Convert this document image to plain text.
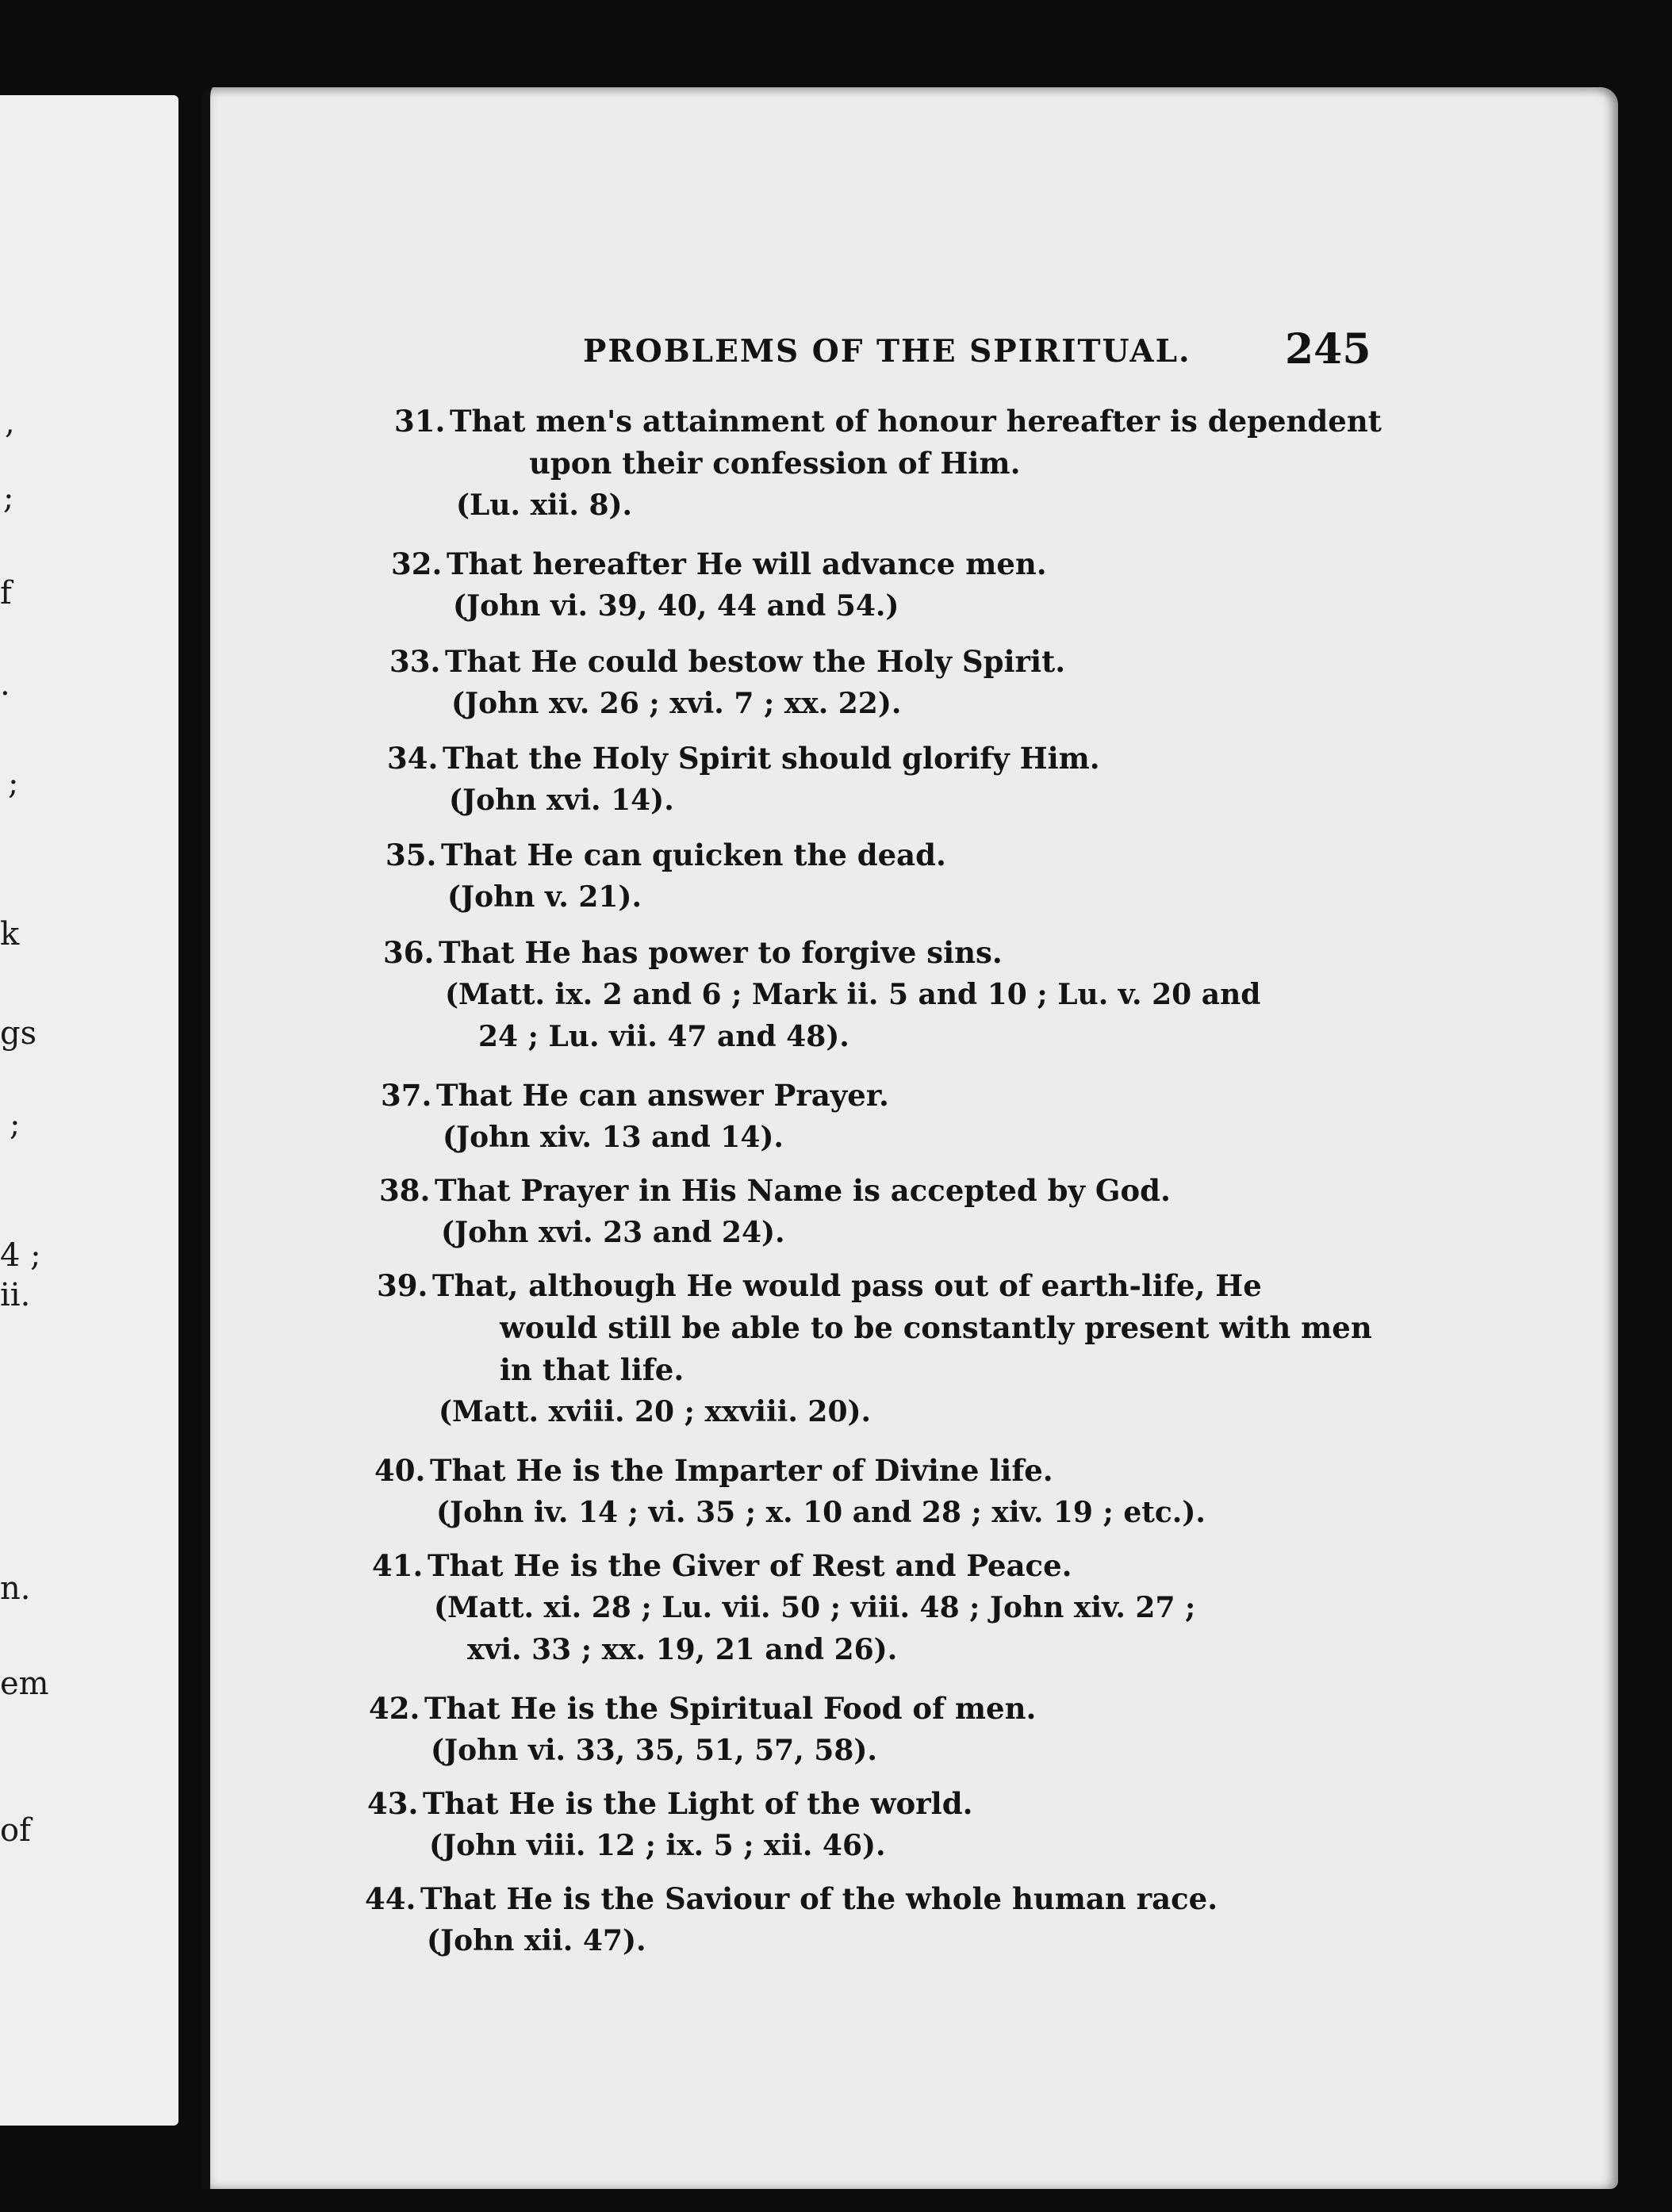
,
;
f
.
;
k
gs
;
4 ;
ii.
n.
em
of
PROBLEMS OF THE SPIRITUAL. 245
31. That men's attainment of honour hereafter is dependent
upon their confession of Him.
(Lu. xii. 8).
32. That hereafter He will advance men.
(John vi. 39, 40, 44 and 54.)
33. That He could bestow the Holy Spirit.
(John xv. 26 ; xvi. 7 ; xx. 22).
34. That the Holy Spirit should glorify Him.
(John xvi. 14).
35. That He can quicken the dead.
(John v. 21).
36. That He has power to forgive sins.
(Matt. ix. 2 and 6 ; Mark ii. 5 and 10 ; Lu. v. 20 and
24 ; Lu. vii. 47 and 48).
37. That He can answer Prayer.
(John xiv. 13 and 14).
38. That Prayer in His Name is accepted by God.
(John xvi. 23 and 24).
39. That, although He would pass out of earth-life, He
would still be able to be constantly present with men
in that life.
(Matt. xviii. 20 ; xxviii. 20).
40. That He is the Imparter of Divine life.
(John iv. 14 ; vi. 35 ; x. 10 and 28 ; xiv. 19 ; etc.).
41. That He is the Giver of Rest and Peace.
(Matt. xi. 28 ; Lu. vii. 50 ; viii. 48 ; John xiv. 27 ;
xvi. 33 ; xx. 19, 21 and 26).
42. That He is the Spiritual Food of men.
(John vi. 33, 35, 51, 57, 58).
43. That He is the Light of the world.
(John viii. 12 ; ix. 5 ; xii. 46).
44. That He is the Saviour of the whole human race.
(John xii. 47).
